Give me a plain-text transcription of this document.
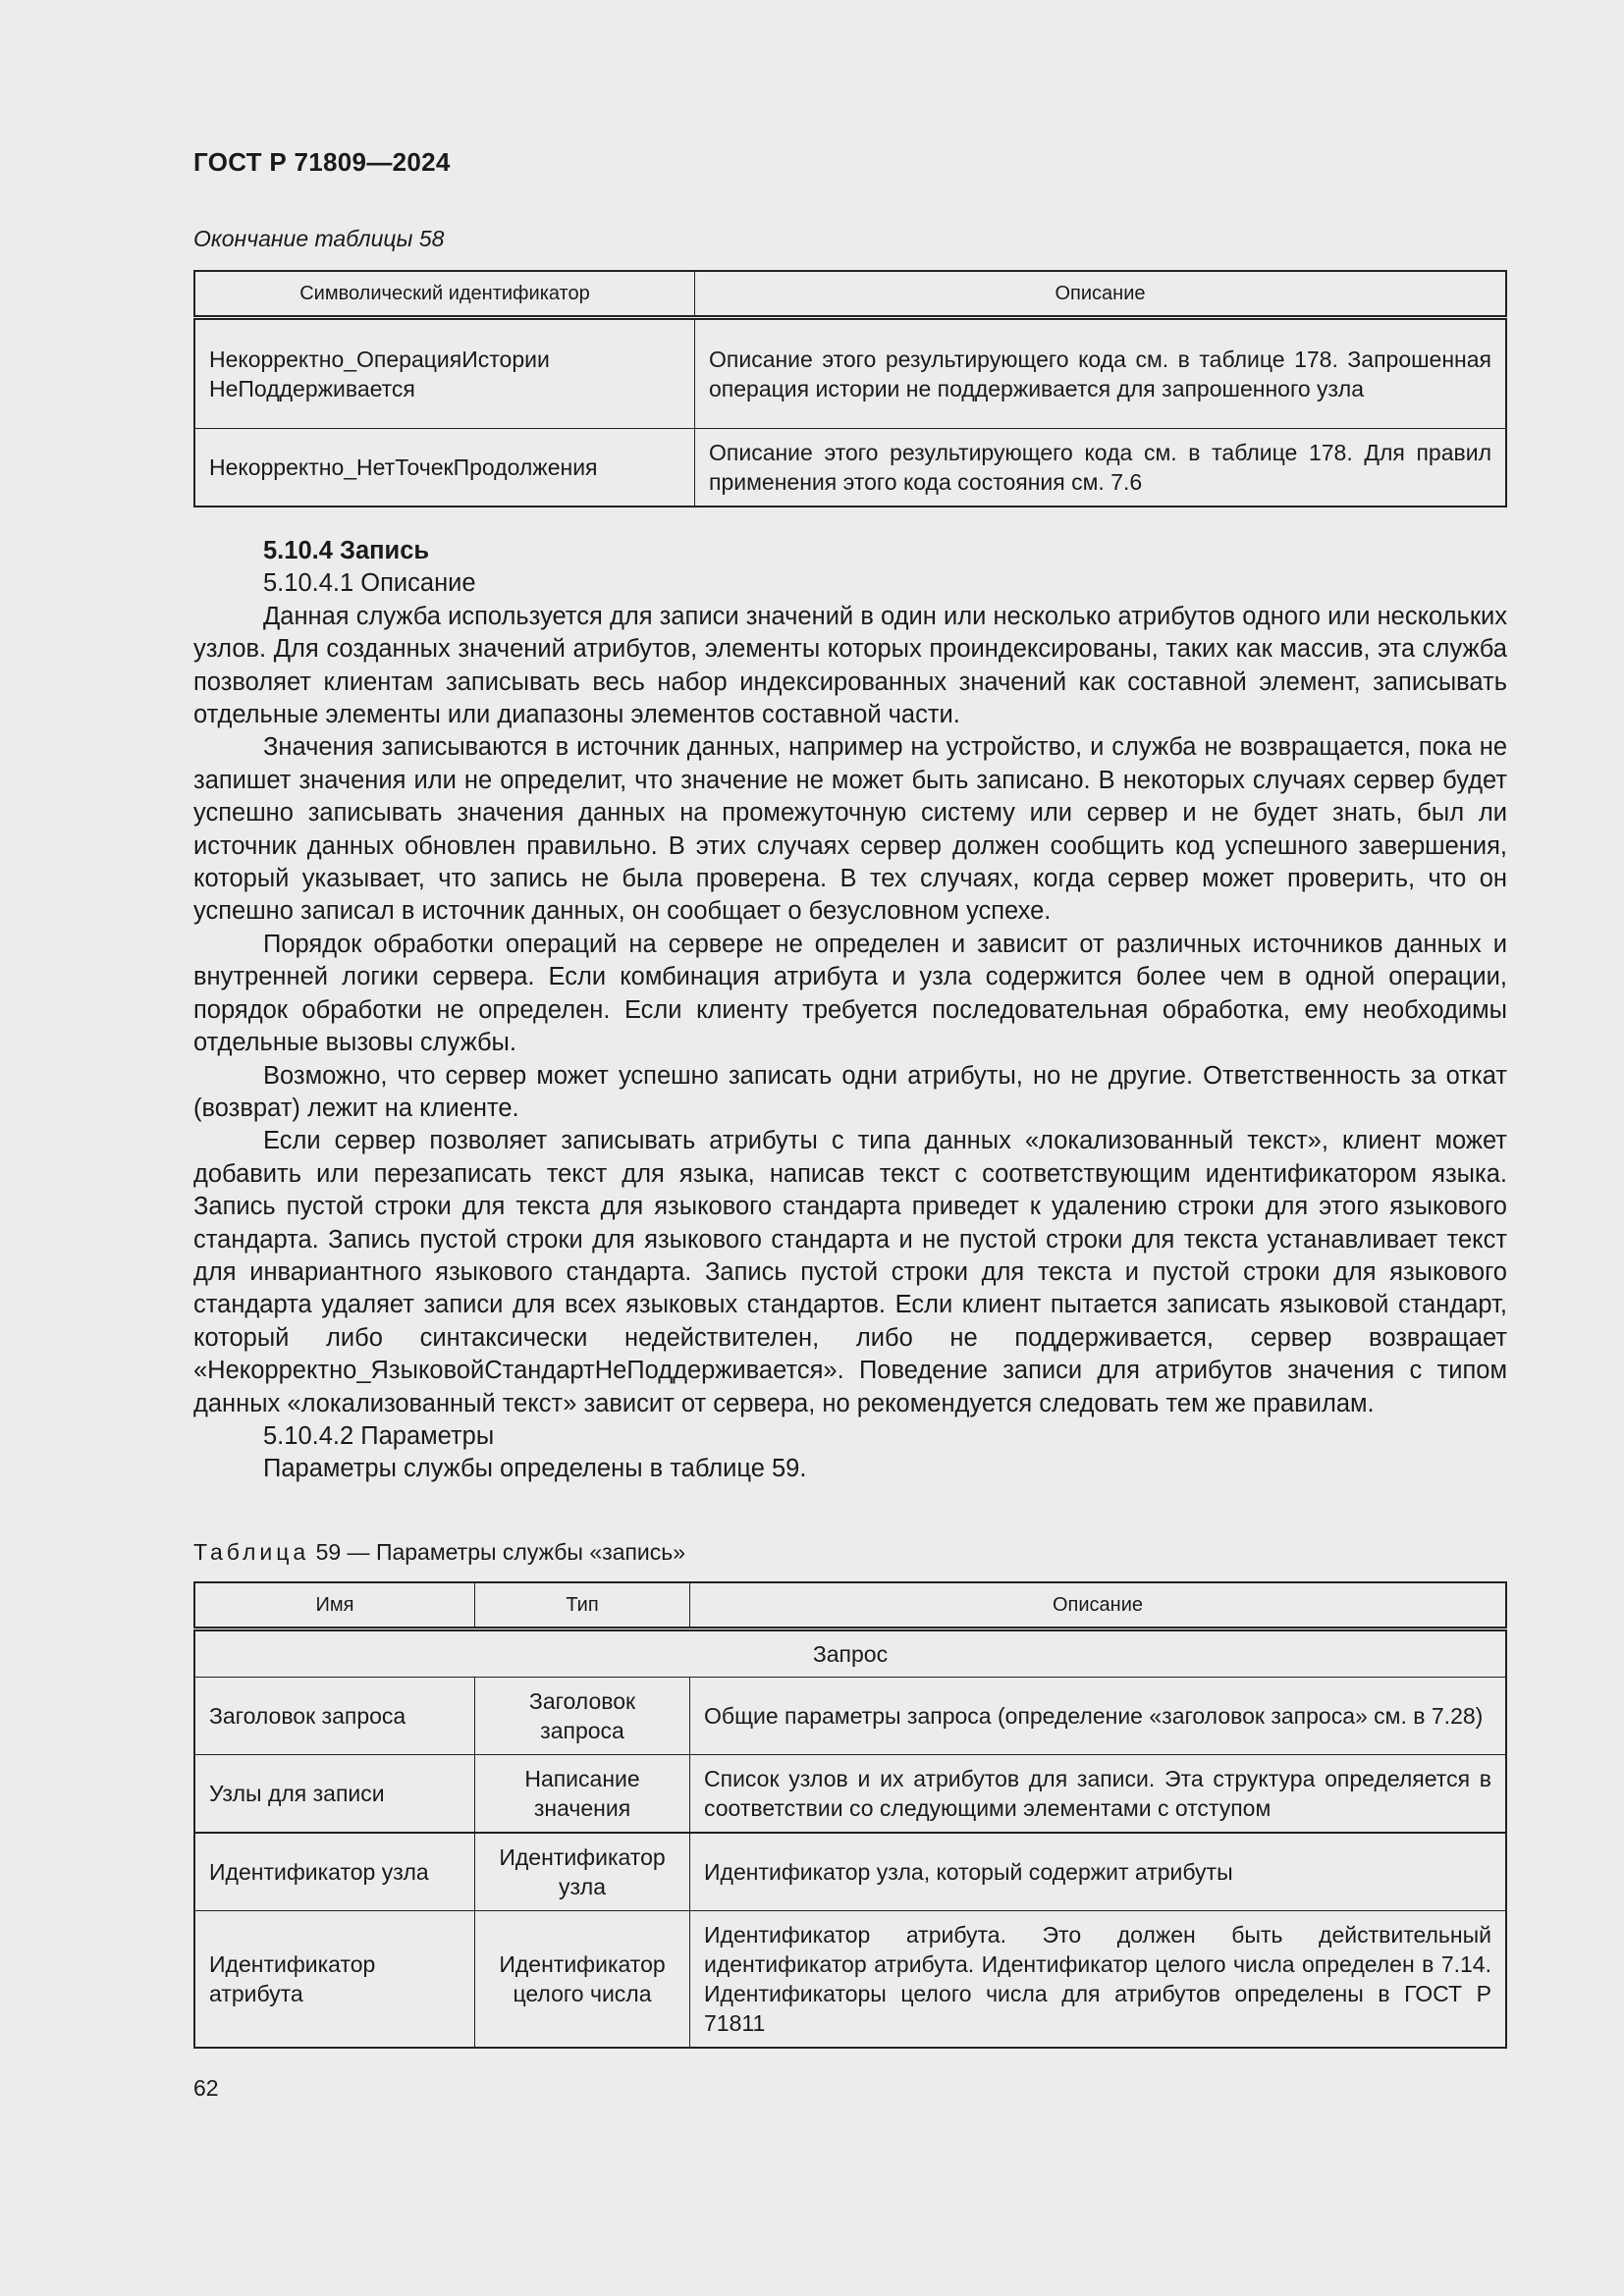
ГОСТ Р 71809—2024
Окончание таблицы 58
Символический идентификатор	Описание
Некорректно_ОперацияИстории НеПоддерживается	Описание этого результирующего кода см. в таблице 178. Запрошенная операция истории не поддерживается для запрошенного узла
Некорректно_НетТочекПродолжения	Описание этого результирующего кода см. в таблице 178. Для правил применения этого кода состояния см. 7.6

5.10.4 Запись

5.10.4.1 Описание

Данная служба используется для записи значений в один или несколько атрибутов одного или нескольких узлов. Для созданных значений атрибутов, элементы которых проиндексированы, таких как массив, эта служба позволяет клиентам записывать весь набор индексированных значений как составной элемент, записывать отдельные элементы или диапазоны элементов составной части.

Значения записываются в источник данных, например на устройство, и служба не возвращается, пока не запишет значения или не определит, что значение не может быть записано. В некоторых случаях сервер будет успешно записывать значения данных на промежуточную систему или сервер и не будет знать, был ли источник данных обновлен правильно. В этих случаях сервер должен сообщить код успешного завершения, который указывает, что запись не была проверена. В тех случаях, когда сервер может проверить, что он успешно записал в источник данных, он сообщает о безусловном успехе.

Порядок обработки операций на сервере не определен и зависит от различных источников данных и внутренней логики сервера. Если комбинация атрибута и узла содержится более чем в одной операции, порядок обработки не определен. Если клиенту требуется последовательная обработка, ему необходимы отдельные вызовы службы.

Возможно, что сервер может успешно записать одни атрибуты, но не другие. Ответственность за откат (возврат) лежит на клиенте.

Если сервер позволяет записывать атрибуты с типа данных «локализованный текст», клиент может добавить или перезаписать текст для языка, написав текст с соответствующим идентификатором языка. Запись пустой строки для текста для языкового стандарта приведет к удалению строки для этого языкового стандарта. Запись пустой строки для языкового стандарта и не пустой строки для текста устанавливает текст для инвариантного языкового стандарта. Запись пустой строки для текста и пустой строки для языкового стандарта удаляет записи для всех языковых стандартов. Если клиент пытается записать языковой стандарт, который либо синтаксически недействителен, либо не поддерживается, сервер возвращает «Некорректно_ЯзыковойСтандартНеПоддерживается». Поведение записи для атрибутов значения с типом данных «локализованный текст» зависит от сервера, но рекомендуется следовать тем же правилам.

5.10.4.2 Параметры

Параметры службы определены в таблице 59.

Таблица 59 — Параметры службы «запись»
Имя	Тип	Описание
Запрос		
Заголовок запроса	Заголовок запроса	Общие параметры запроса (определение «заголовок запроса» см. в 7.28)
Узлы для записи	Написание значения	Список узлов и их атрибутов для записи. Эта структура определяется в соответствии со следующими элементами с отступом
Идентификатор узла	Идентификатор узла	Идентификатор узла, который содержит атрибуты
Идентификатор атрибута	Идентификатор целого числа	Идентификатор атрибута. Это должен быть действительный идентификатор атрибута. Идентификатор целого числа определен в 7.14. Идентификаторы целого числа для атрибутов определены в ГОСТ Р 71811
62
